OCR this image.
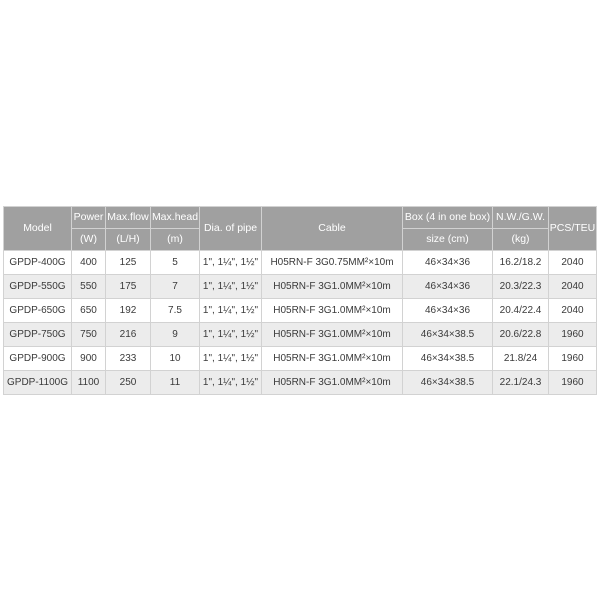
Model	Power	Max.flow	Max.head	Dia. of pipe	Cable	Box (4 in one box)	N.W./G.W.	PCS/TEU
	(W)	(L/H)	(m)			size (cm)	(kg)	
GPDP-400G	400	125	5	1", 1¼", 1½"	H05RN-F 3G0.75MM²×10m	46×34×36	16.2/18.2	2040
GPDP-550G	550	175	7	1", 1¼", 1½"	H05RN-F 3G1.0MM²×10m	46×34×36	20.3/22.3	2040
GPDP-650G	650	192	7.5	1", 1¼", 1½"	H05RN-F 3G1.0MM²×10m	46×34×36	20.4/22.4	2040
GPDP-750G	750	216	9	1", 1¼", 1½"	H05RN-F 3G1.0MM²×10m	46×34×38.5	20.6/22.8	1960
GPDP-900G	900	233	10	1", 1¼", 1½"	H05RN-F 3G1.0MM²×10m	46×34×38.5	21.8/24	1960
GPDP-1100G	1100	250	11	1", 1¼", 1½"	H05RN-F 3G1.0MM²×10m	46×34×38.5	22.1/24.3	1960
